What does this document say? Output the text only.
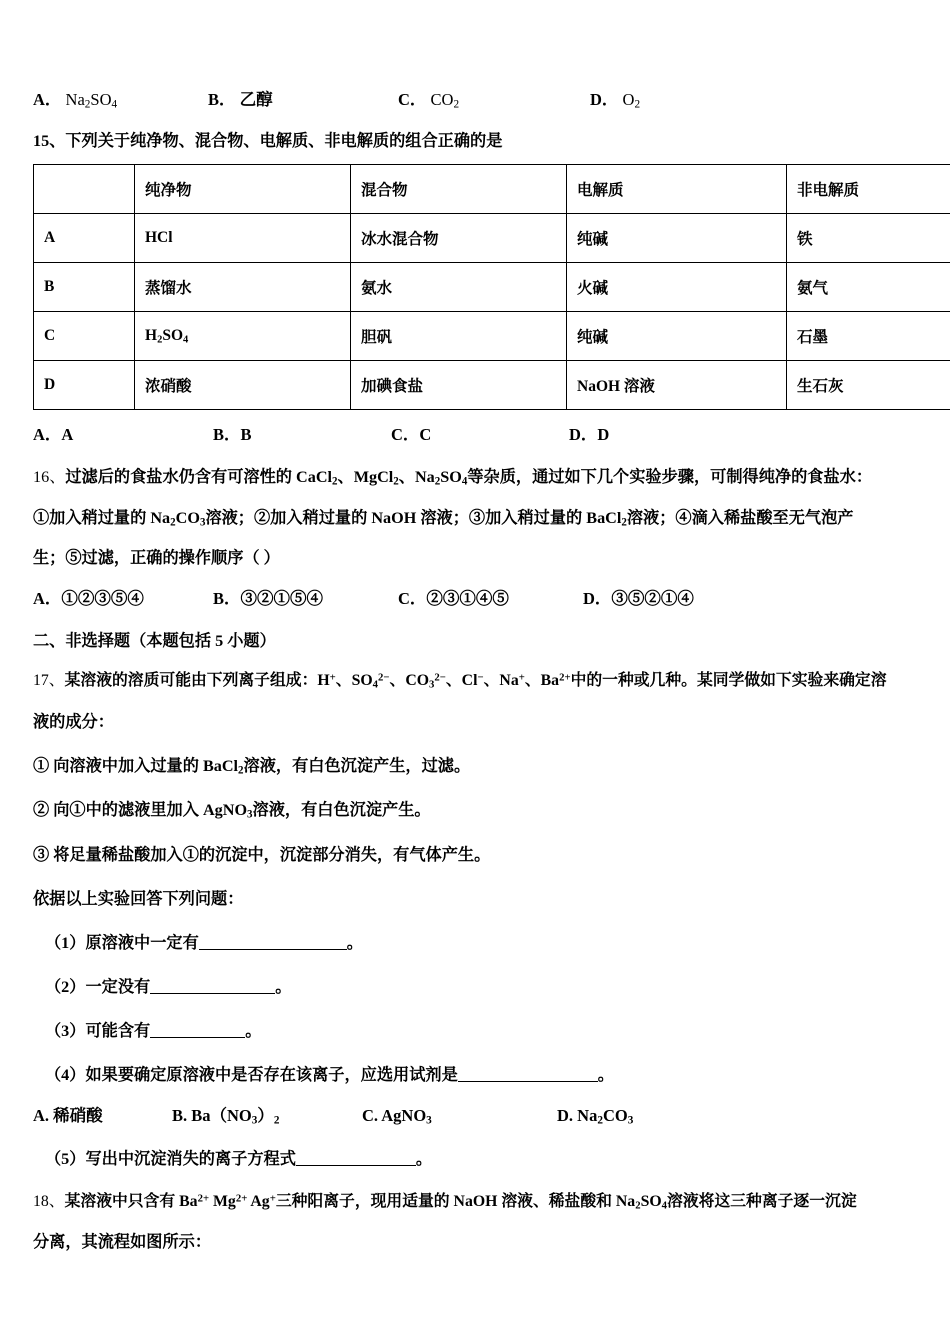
A． $Na_2SO_4$	B． 乙醇	C． $CO_2$	D． $O_2$
15、下列关于纯净物、混合物、电解质、非电解质的组合正确的是
	纯净物	混合物	电解质	非电解质
A	HCl	冰水混合物	纯碱	铁
B	蒸馏水	氨水	火碱	氨气
C	$H_2SO_4$	胆矾	纯碱	石墨
D	浓硝酸	加碘食盐	NaOH 溶液	生石灰
A．A	B．B	C．C	D．D
16、过滤后的食盐水仍含有可溶性的 CaCl$_2$、MgCl$_2$、$Na_2SO_4$等杂质，通过如下几个实验步骤，可制得纯净的食盐水：
①加入稍过量的 $Na_2CO_3$溶液；②加入稍过量的 NaOH 溶液；③加入稍过量的 BaCl$_2$溶液；④滴入稀盐酸至无气泡产
生；⑤过滤，正确的操作顺序（ ）
A．①②③⑤④	B．③②①⑤④	C．②③①④⑤	D．③⑤②①④
二、非选择题（本题包括 5 小题）
17、某溶液的溶质可能由下列离子组成：H+、$SO_4^{2-}$、$CO_3^{2-}$、Cl−、Na+、$Ba^{2+}$中的一种或几种。某同学做如下实验来确定溶
液的成分：
① 向溶液中加入过量的 BaCl$_2$溶液，有白色沉淀产生，过滤。
② 向①中的滤液里加入 AgNO$_3$溶液，有白色沉淀产生。
③ 将足量稀盐酸加入①的沉淀中，沉淀部分消失，有气体产生。
依据以上实验回答下列问题：
（1）原溶液中一定有	。
（2）一定没有	。
（3）可能含有	。
（4）如果要确定原溶液中是否存在该离子，应选用试剂是	。
A. 稀硝酸	B. $Ba(NO_3)_2$	C. AgNO$_3$	D. $Na_2CO_3$
（5）写出中沉淀消失的离子方程式	。
18、某溶液中只含有 $Ba^{2+}$ $Mg^{2+}$ Ag+三种阳离子，现用适量的 NaOH 溶液、稀盐酸和 $Na_2SO_4$溶液将这三种离子逐一沉淀
分离，其流程如图所示：
